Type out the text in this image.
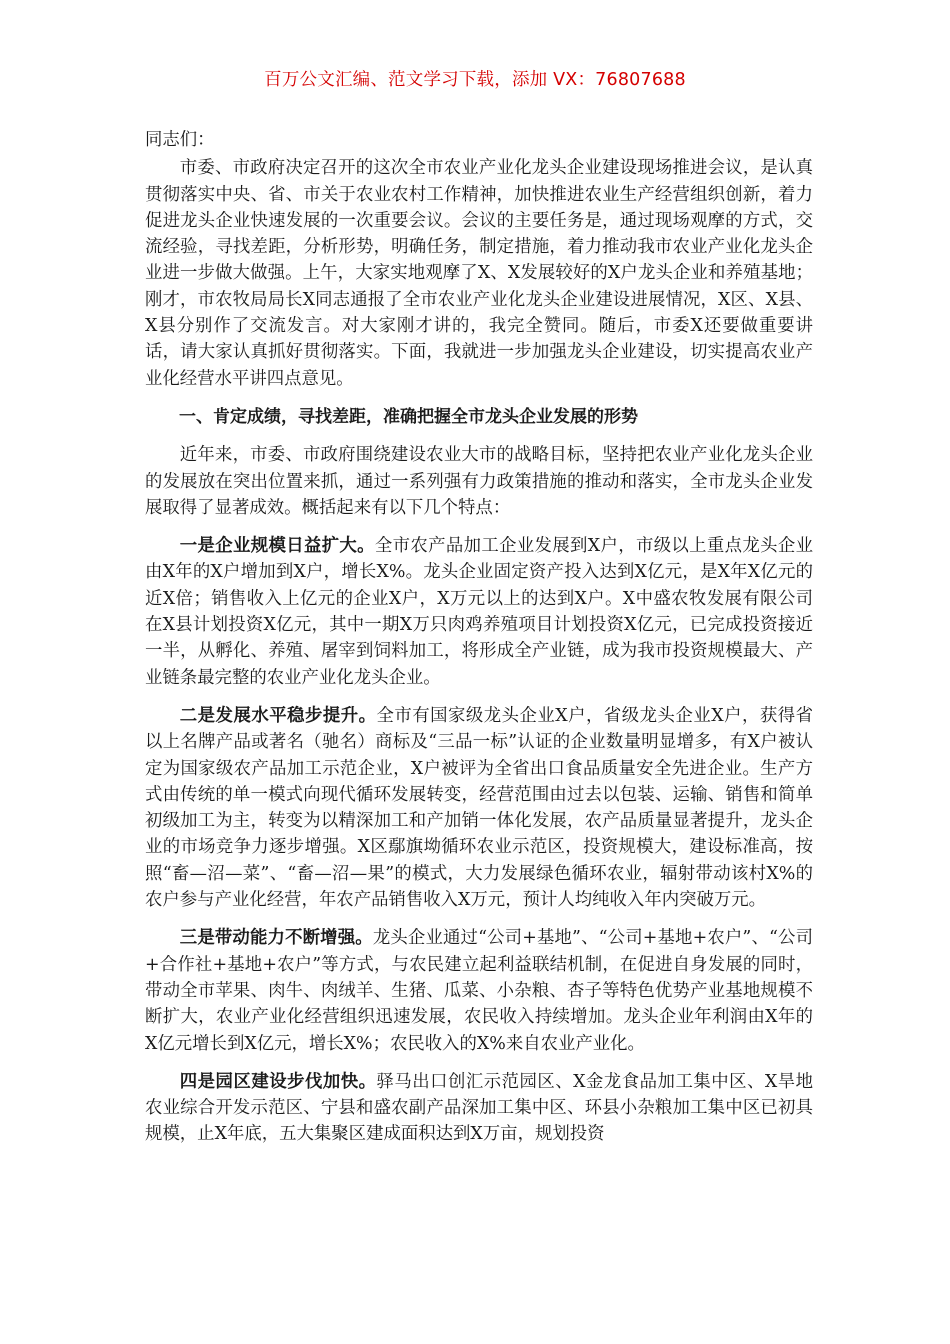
百万公文汇编、范文学习下载，添加 VX：76807688

同志们：

市委、市政府决定召开的这次全市农业产业化龙头企业建设现场推进会议，是认真贯彻落实中央、省、市关于农业农村工作精神，加快推进农业生产经营组织创新，着力促进龙头企业快速发展的一次重要会议。会议的主要任务是，通过现场观摩的方式，交流经验，寻找差距，分析形势，明确任务，制定措施，着力推动我市农业产业化龙头企业进一步做大做强。上午，大家实地观摩了X、X发展较好的X户龙头企业和养殖基地；刚才，市农牧局局长X同志通报了全市农业产业化龙头企业建设进展情况，X区、X县、X县分别作了交流发言。对大家刚才讲的，我完全赞同。随后，市委X还要做重要讲话，请大家认真抓好贯彻落实。下面，我就进一步加强龙头企业建设，切实提高农业产业化经营水平讲四点意见。

一、肯定成绩，寻找差距，准确把握全市龙头企业发展的形势

近年来，市委、市政府围绕建设农业大市的战略目标，坚持把农业产业化龙头企业的发展放在突出位置来抓，通过一系列强有力政策措施的推动和落实，全市龙头企业发展取得了显著成效。概括起来有以下几个特点：

一是企业规模日益扩大。全市农产品加工企业发展到X户，市级以上重点龙头企业由X年的X户增加到X户，增长X%。龙头企业固定资产投入达到X亿元，是X年X亿元的近X倍；销售收入上亿元的企业X户，X万元以上的达到X户。X中盛农牧发展有限公司在X县计划投资X亿元，其中一期X万只肉鸡养殖项目计划投资X亿元，已完成投资接近一半，从孵化、养殖、屠宰到饲料加工，将形成全产业链，成为我市投资规模最大、产业链条最完整的农业产业化龙头企业。

二是发展水平稳步提升。全市有国家级龙头企业X户，省级龙头企业X户，获得省以上名牌产品或著名（驰名）商标及“三品一标”认证的企业数量明显增多，有X户被认定为国家级农产品加工示范企业，X户被评为全省出口食品质量安全先进企业。生产方式由传统的单一模式向现代循环发展转变，经营范围由过去以包装、运输、销售和简单初级加工为主，转变为以精深加工和产加销一体化发展，农产品质量显著提升，龙头企业的市场竞争力逐步增强。X区鄢旗坳循环农业示范区，投资规模大，建设标准高，按照“畜—沼—菜”、“畜—沼—果”的模式，大力发展绿色循环农业，辐射带动该村X%的农户参与产业化经营，年农产品销售收入X万元，预计人均纯收入年内突破万元。

三是带动能力不断增强。龙头企业通过“公司+基地”、“公司+基地+农户”、“公司+合作社+基地+农户”等方式，与农民建立起利益联结机制，在促进自身发展的同时，带动全市苹果、肉牛、肉绒羊、生猪、瓜菜、小杂粮、杏子等特色优势产业基地规模不断扩大，农业产业化经营组织迅速发展，农民收入持续增加。龙头企业年利润由X年的X亿元增长到X亿元，增长X%；农民收入的X%来自农业产业化。

四是园区建设步伐加快。驿马出口创汇示范园区、X金龙食品加工集中区、X旱地农业综合开发示范区、宁县和盛农副产品深加工集中区、环县小杂粮加工集中区已初具规模，止X年底，五大集聚区建成面积达到X万亩，规划投资
